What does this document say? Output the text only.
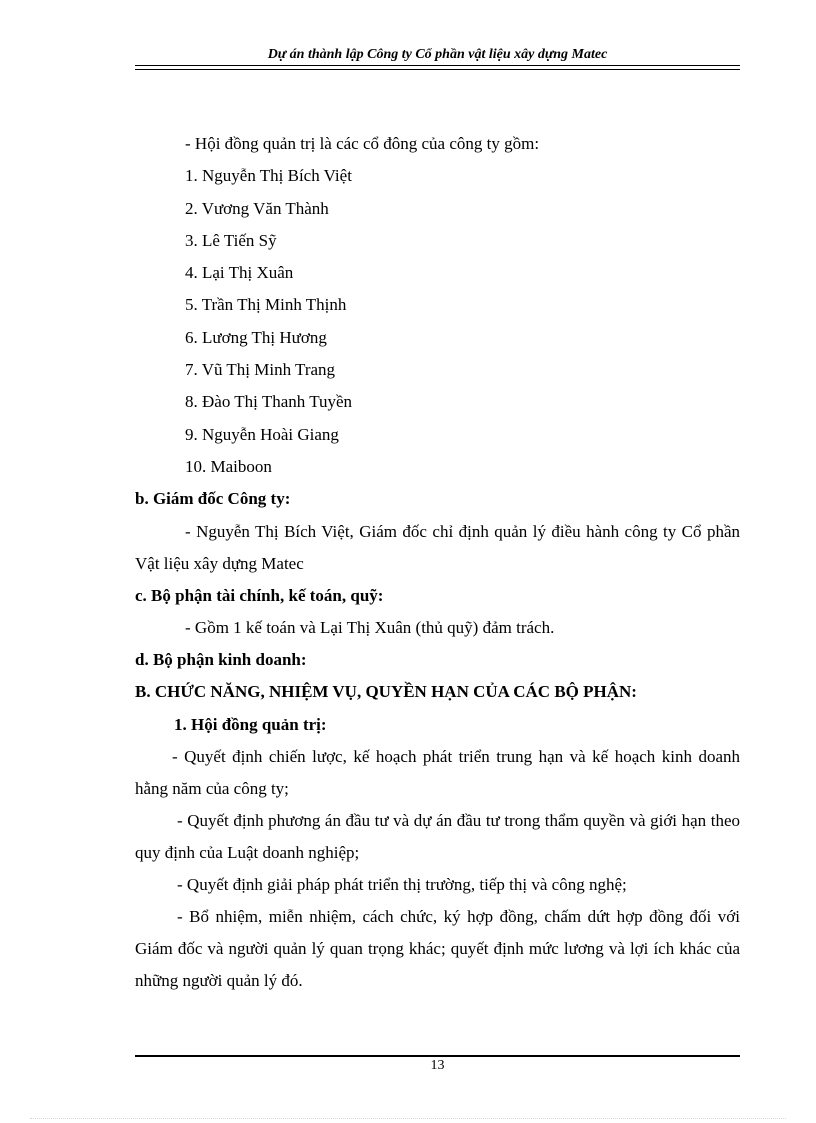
Dự án thành lập Công ty Cổ phần vật liệu xây dựng Matec
- Hội đồng quản trị là các cổ đông của công ty gồm:
1. Nguyễn Thị Bích Việt
2. Vương Văn Thành
3. Lê Tiến Sỹ
4. Lại Thị Xuân
5. Trần Thị Minh Thịnh
6. Lương Thị Hương
7. Vũ Thị Minh Trang
8. Đào Thị Thanh Tuyền
9. Nguyễn Hoài Giang
10. Maiboon
b. Giám đốc Công ty:

- Nguyễn Thị Bích Việt, Giám đốc chỉ định quản lý điều hành công ty Cổ phần Vật liệu xây dựng Matec

c. Bộ phận tài chính, kế toán, quỹ:
- Gồm 1 kế toán và Lại Thị Xuân (thủ quỹ) đảm trách.
d. Bộ phận kinh doanh:
B. CHỨC NĂNG, NHIỆM VỤ, QUYỀN HẠN CỦA CÁC BỘ PHẬN:
1. Hội đồng quản trị:

- Quyết định chiến lược, kế hoạch phát triển trung hạn và kế hoạch kinh doanh hằng năm của công ty;

- Quyết định phương án đầu tư và dự án đầu tư trong thẩm quyền và giới hạn theo quy định của Luật doanh nghiệp;

- Quyết định giải pháp phát triển thị trường, tiếp thị và công nghệ;

- Bổ nhiệm, miễn nhiệm, cách chức, ký hợp đồng, chấm dứt hợp đồng đối với Giám đốc và người quản lý quan trọng khác; quyết định mức lương và lợi ích khác của những người quản lý đó.

13
